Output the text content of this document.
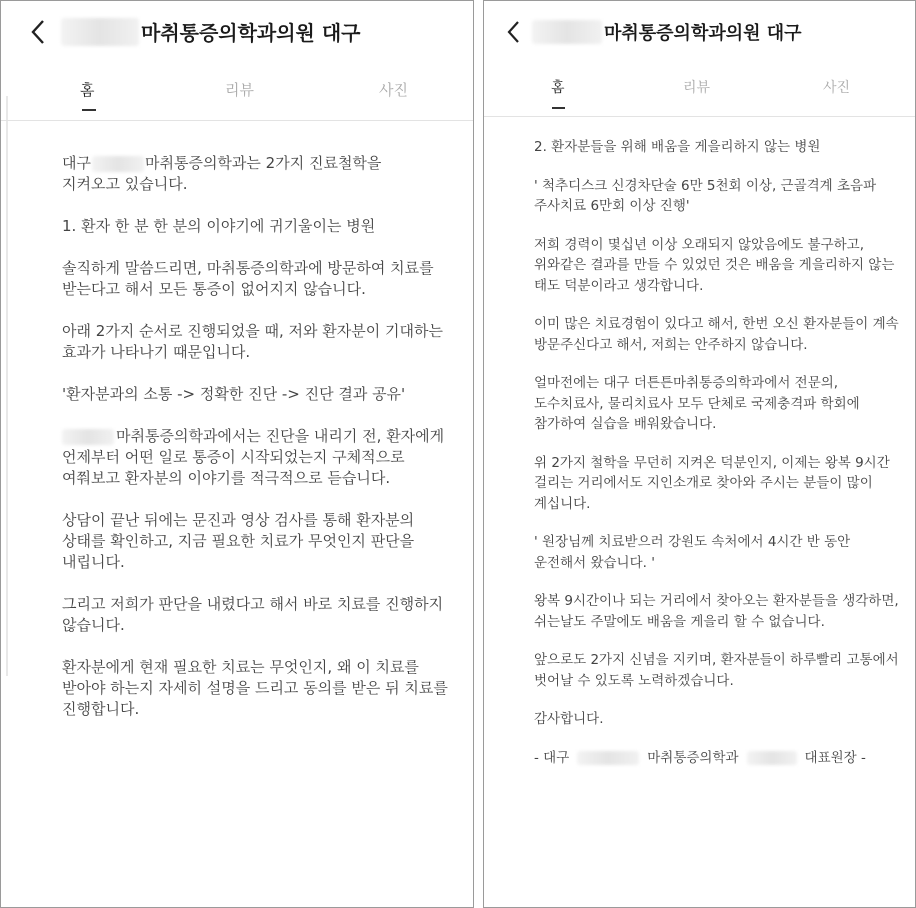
마취통증의학과의원 대구
홈	리뷰	사진

대구	마취통증의학과는 2가지 진료철학을
지켜오고 있습니다.

1. 환자 한 분 한 분의 이야기에 귀기울이는 병원

솔직하게 말씀드리면, 마취통증의학과에 방문하여 치료를 받는다고 해서 모든 통증이 없어지지 않습니다.

아래 2가지 순서로 진행되었을 때, 저와 환자분이 기대하는 효과가 나타나기 때문입니다.

'환자분과의 소통 -> 정확한 진단 -> 진단 결과 공유'

마취통증의학과에서는 진단을 내리기 전, 환자에게 언제부터 어떤 일로 통증이 시작되었는지 구체적으로 여쭤보고 환자분의 이야기를 적극적으로 듣습니다.

상담이 끝난 뒤에는 문진과 영상 검사를 통해 환자분의 상태를 확인하고, 지금 필요한 치료가 무엇인지 판단을 내립니다.

그리고 저희가 판단을 내렸다고 해서 바로 치료를 진행하지 않습니다.

환자분에게 현재 필요한 치료는 무엇인지, 왜 이 치료를 받아야 하는지 자세히 설명을 드리고 동의를 받은 뒤 치료를 진행합니다.

마취통증의학과의원 대구
홈	리뷰	사진

2. 환자분들을 위해 배움을 게을리하지 않는 병원

' 척추디스크 신경차단술 6만 5천회 이상, 근골격계 초음파 주사치료 6만회 이상 진행'

저희 경력이 몇십년 이상 오래되지 않았음에도 불구하고, 위와같은 결과를 만들 수 있었던 것은 배움을 게을리하지 않는 태도 덕분이라고 생각합니다.

이미 많은 치료경험이 있다고 해서, 한번 오신 환자분들이 계속 방문주신다고 해서, 저희는 안주하지 않습니다.

얼마전에는 대구 더튼튼마취통증의학과에서 전문의, 도수치료사, 물리치료사 모두 단체로 국제충격파 학회에 참가하여 실습을 배워왔습니다.

위 2가지 철학을 무던히 지켜온 덕분인지, 이제는 왕복 9시간 걸리는 거리에서도 지인소개로 찾아와 주시는 분들이 많이 계십니다.

' 원장님께 치료받으러 강원도 속처에서 4시간 반 동안 운전해서 왔습니다. '

왕복 9시간이나 되는 거리에서 찾아오는 환자분들을 생각하면, 쉬는날도 주말에도 배움을 게을리 할 수 없습니다.

앞으로도 2가지 신념을 지키며, 환자분들이 하루빨리 고통에서 벗어날 수 있도록 노력하겠습니다.

감사합니다.

- 대구	마취통증의학과	대표원장 -
